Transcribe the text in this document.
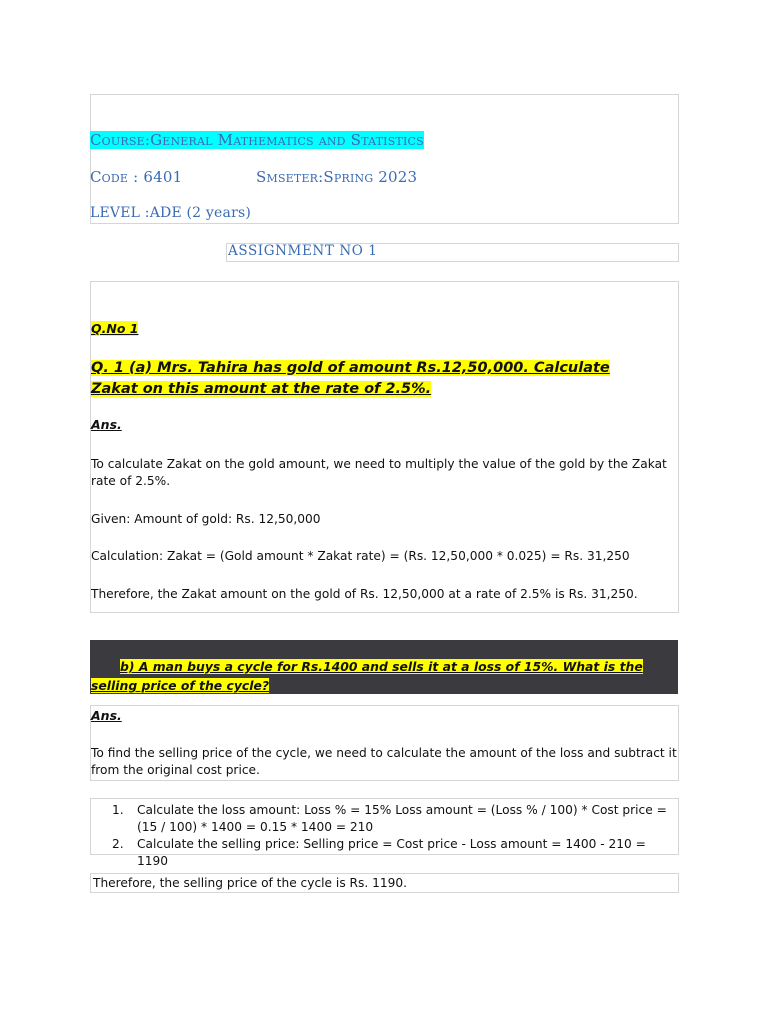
Course:General Mathematics and Statistics
Code : 6401	Smseter:Spring 2023
LEVEL :ADE (2 years)
ASSIGNMENT NO 1
Q.No 1
Q. 1 (a) Mrs. Tahira has gold of amount Rs.12,50,000. Calculate Zakat on this amount at the rate of 2.5%.
Ans.
To calculate Zakat on the gold amount, we need to multiply the value of the gold by the Zakat rate of 2.5%.
Given: Amount of gold: Rs. 12,50,000
Calculation: Zakat = (Gold amount * Zakat rate) = (Rs. 12,50,000 * 0.025) = Rs. 31,250
Therefore, the Zakat amount on the gold of Rs. 12,50,000 at a rate of 2.5% is Rs. 31,250.
b) A man buys a cycle for Rs.1400 and sells it at a loss of 15%. What is the selling price of the cycle?
Ans.
To find the selling price of the cycle, we need to calculate the amount of the loss and subtract it from the original cost price.
1. Calculate the loss amount: Loss % = 15% Loss amount = (Loss % / 100) * Cost price = (15 / 100) * 1400 = 0.15 * 1400 = 210
2. Calculate the selling price: Selling price = Cost price - Loss amount = 1400 - 210 = 1190
Therefore, the selling price of the cycle is Rs. 1190.
